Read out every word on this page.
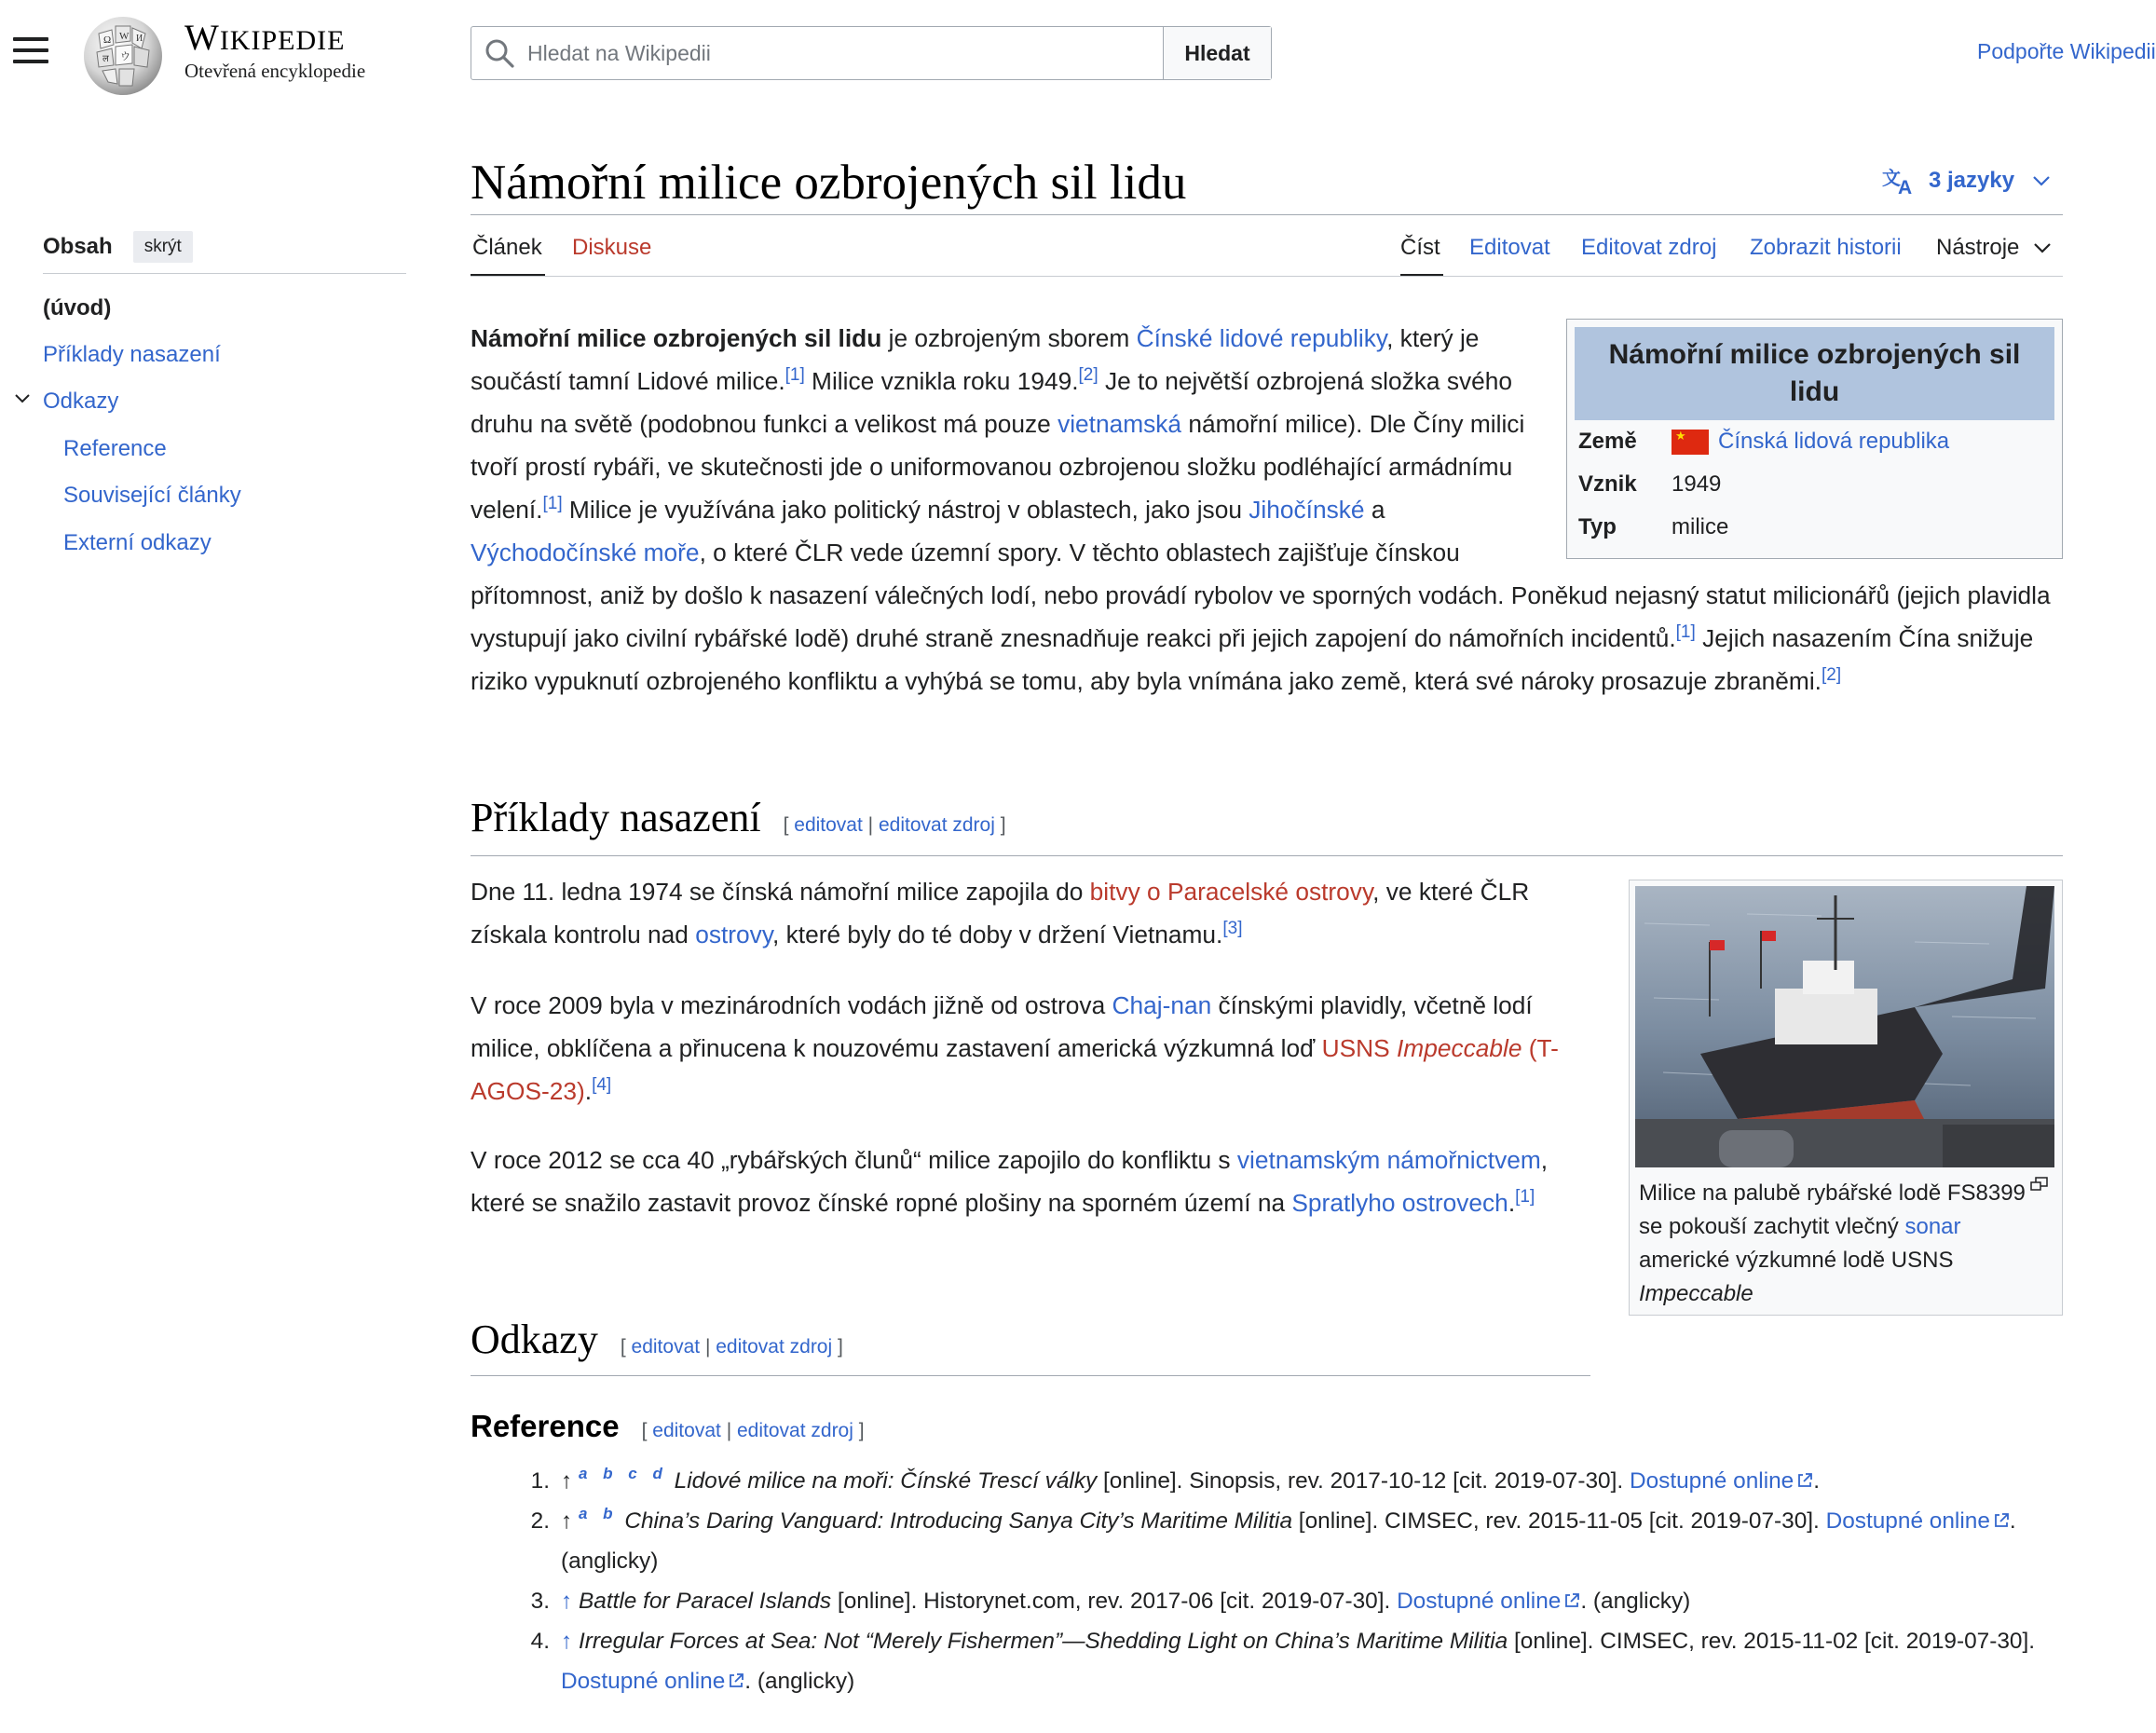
Ω W И
ウ
ल
WIKIPEDIE
Otevřená encyklopedie
Hledat na Wikipedii
Hledat	Podpořte Wikipedii
Obsah	skrýt
(úvod)
Příklady nasazení
Odkazy
Reference
Související články
Externí odkazy
Námořní milice ozbrojených sil lidu	文
A 3 jazyky
Článek Diskuse	Číst Editovat Editovat zdroj Zobrazit historii Nástroje
Námořní milice ozbrojených sil lidu
Země
★	Čínská lidová republika
Vznik	1949
Typ	milice
Námořní milice ozbrojených sil lidu je ozbrojeným sborem Čínské lidové republiky, který je součástí tamní Lidové milice.[1] Milice vznikla roku 1949.[2] Je to největší ozbrojená složka svého druhu na světě (podobnou funkci a velikost má pouze vietnamská námořní milice). Dle Číny milici tvoří prostí rybáři, ve skutečnosti jde o uniformovanou ozbrojenou složku podléhající armádnímu velení.[1] Milice je využívána jako politický nástroj v oblastech, jako jsou Jihočínské a Východočínské moře, o které ČLR vede územní spory. V těchto oblastech zajišťuje čínskou přítomnost, aniž by došlo k nasazení válečných lodí, nebo provádí rybolov ve sporných vodách. Poněkud nejasný statut milicionářů (jejich plavidla vystupují jako civilní rybářské lodě) druhé straně znesnadňuje reakci při jejich zapojení do námořních incidentů.[1] Jejich nasazením Čína snižuje riziko vypuknutí ozbrojeného konfliktu a vyhýbá se tomu, aby byla vnímána jako země, která své nároky prosazuje zbraněmi.[2]
Příklady nasazení [ editovat | editovat zdroj ]
Milice na palubě rybářské lodě FS8399 se pokouší zachytit vlečný sonar americké výzkumné lodě USNS Impeccable
Dne 11. ledna 1974 se čínská námořní milice zapojila do bitvy o Paracelské ostrovy, ve které ČLR získala kontrolu nad ostrovy, které byly do té doby v držení Vietnamu.[3]
V roce 2009 byla v mezinárodních vodách jižně od ostrova Chaj-nan čínskými plavidly, včetně lodí milice, obklíčena a přinucena k nouzovému zastavení americká výzkumná loď USNS Impeccable (T-AGOS-23).[4]
V roce 2012 se cca 40 „rybářských člunů“ milice zapojilo do konfliktu s vietnamským námořnictvem, které se snažilo zastavit provoz čínské ropné plošiny na sporném území na Spratlyho ostrovech.[1]
Odkazy [ editovat | editovat zdroj ]
Reference [ editovat | editovat zdroj ]
1. ↑ $^{a b c d}$ Lidové milice na moři: Čínské Trescí války [online]. Sinopsis, rev. 2017-10-12 [cit. 2019-07-30]. Dostupné online .
2. ↑ $^{a b}$ China’s Daring Vanguard: Introducing Sanya City’s Maritime Militia [online]. CIMSEC, rev. 2015-11-05 [cit. 2019-07-30]. Dostupné online . (anglicky)
3. ↑ Battle for Paracel Islands [online]. Historynet.com, rev. 2017-06 [cit. 2019-07-30]. Dostupné online . (anglicky)
4. ↑ Irregular Forces at Sea: Not “Merely Fishermen”—Shedding Light on China’s Maritime Militia [online]. CIMSEC, rev. 2015-11-02 [cit. 2019-07-30]. Dostupné online . (anglicky)
